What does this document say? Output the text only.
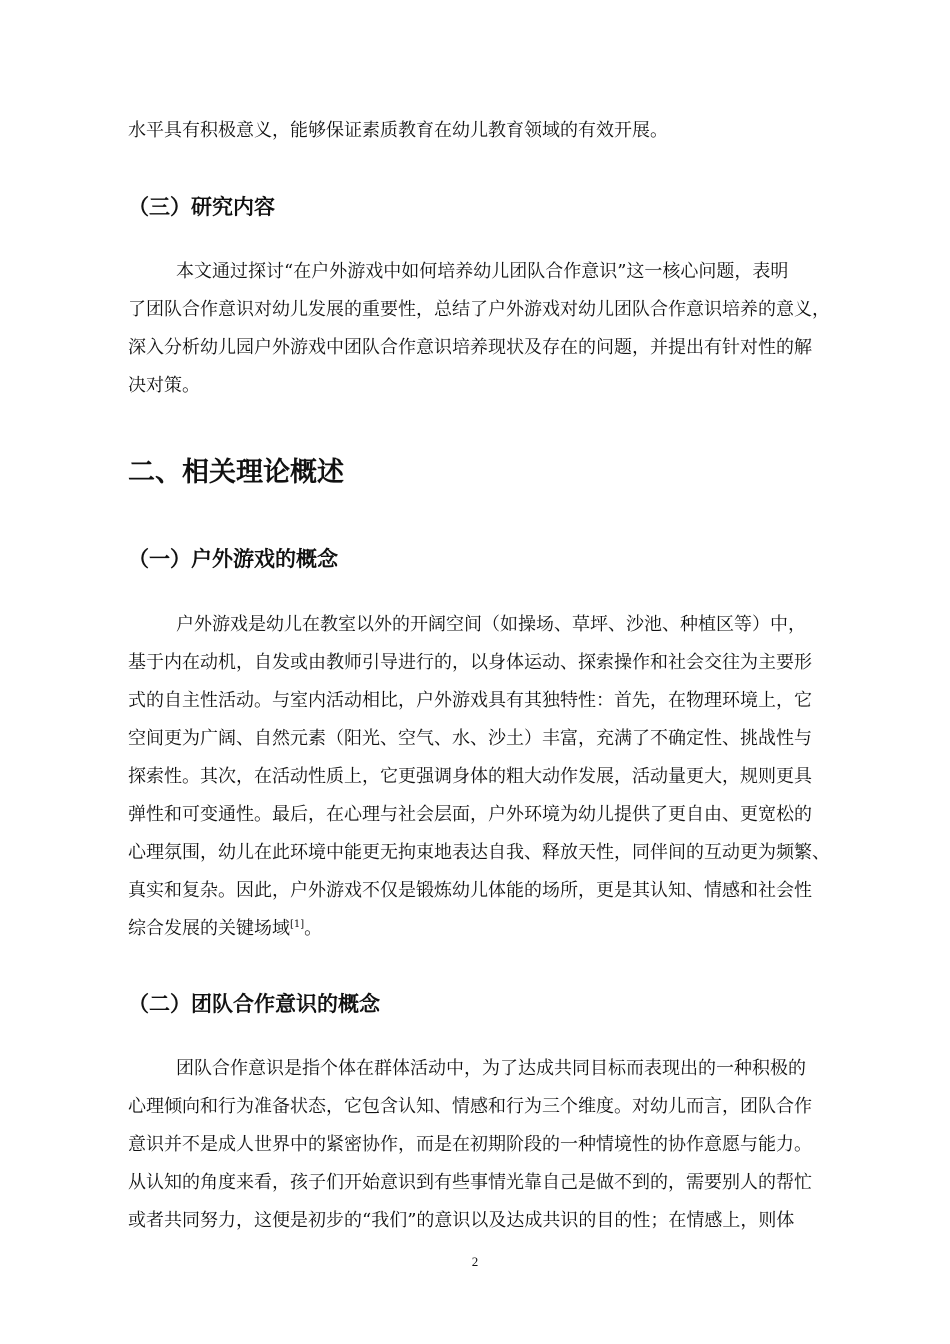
水平具有积极意义，能够保证素质教育在幼儿教育领域的有效开展。
（三）研究内容
本文通过探讨“在户外游戏中如何培养幼儿团队合作意识”这一核心问题，表明
了团队合作意识对幼儿发展的重要性，总结了户外游戏对幼儿团队合作意识培养的意义，
深入分析幼儿园户外游戏中团队合作意识培养现状及存在的问题，并提出有针对性的解
决对策。
二、相关理论概述
（一）户外游戏的概念
户外游戏是幼儿在教室以外的开阔空间（如操场、草坪、沙池、种植区等）中，
基于内在动机，自发或由教师引导进行的，以身体运动、探索操作和社会交往为主要形
式的自主性活动。与室内活动相比，户外游戏具有其独特性：首先，在物理环境上，它
空间更为广阔、自然元素（阳光、空气、水、沙土）丰富，充满了不确定性、挑战性与
探索性。其次，在活动性质上，它更强调身体的粗大动作发展，活动量更大，规则更具
弹性和可变通性。最后，在心理与社会层面，户外环境为幼儿提供了更自由、更宽松的
心理氛围，幼儿在此环境中能更无拘束地表达自我、释放天性，同伴间的互动更为频繁、
真实和复杂。因此，户外游戏不仅是锻炼幼儿体能的场所，更是其认知、情感和社会性
综合发展的关键场域[1]。
（二）团队合作意识的概念
团队合作意识是指个体在群体活动中，为了达成共同目标而表现出的一种积极的
心理倾向和行为准备状态，它包含认知、情感和行为三个维度。对幼儿而言，团队合作
意识并不是成人世界中的紧密协作，而是在初期阶段的一种情境性的协作意愿与能力。
从认知的角度来看，孩子们开始意识到有些事情光靠自己是做不到的，需要别人的帮忙
或者共同努力，这便是初步的“我们”的意识以及达成共识的目的性；在情感上，则体
2
